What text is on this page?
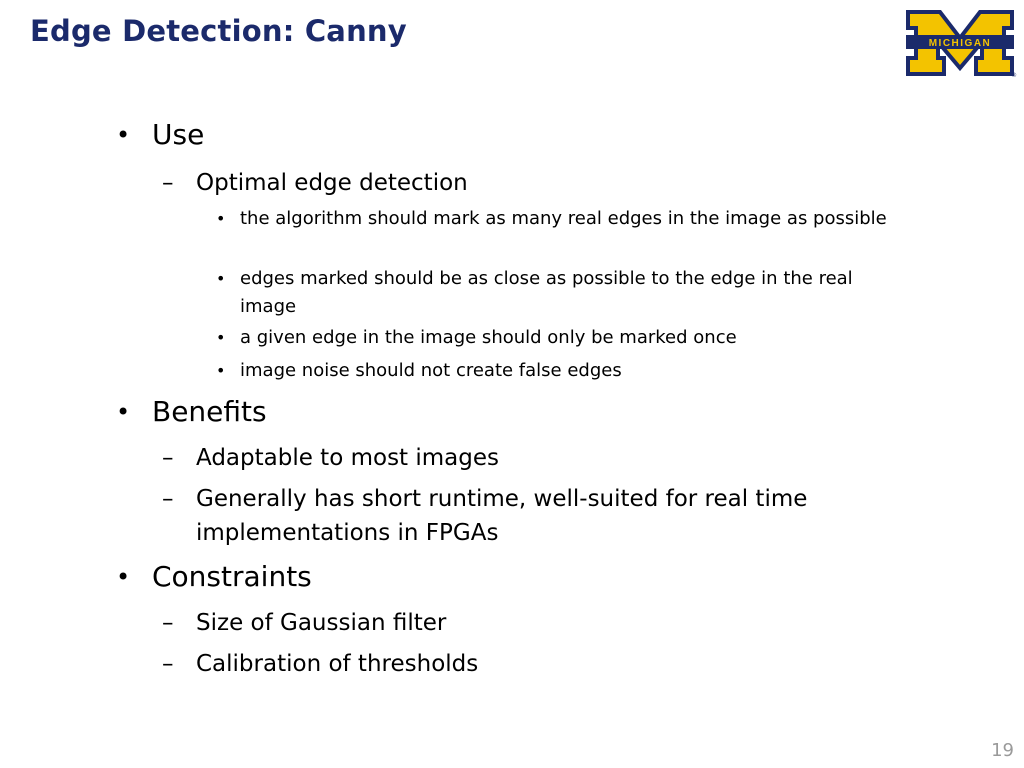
Edge Detection: Canny	MICHIGAN
®
• Use
– Optimal edge detection
• the algorithm should mark as many real edges in the image as possible
• edges marked should be as close as possible to the edge in the real image
• a given edge in the image should only be marked once
• image noise should not create false edges
• Benefits
– Adaptable to most images
– Generally has short runtime, well-suited for real time implementations in FPGAs
• Constraints
– Size of Gaussian filter
– Calibration of thresholds
19
